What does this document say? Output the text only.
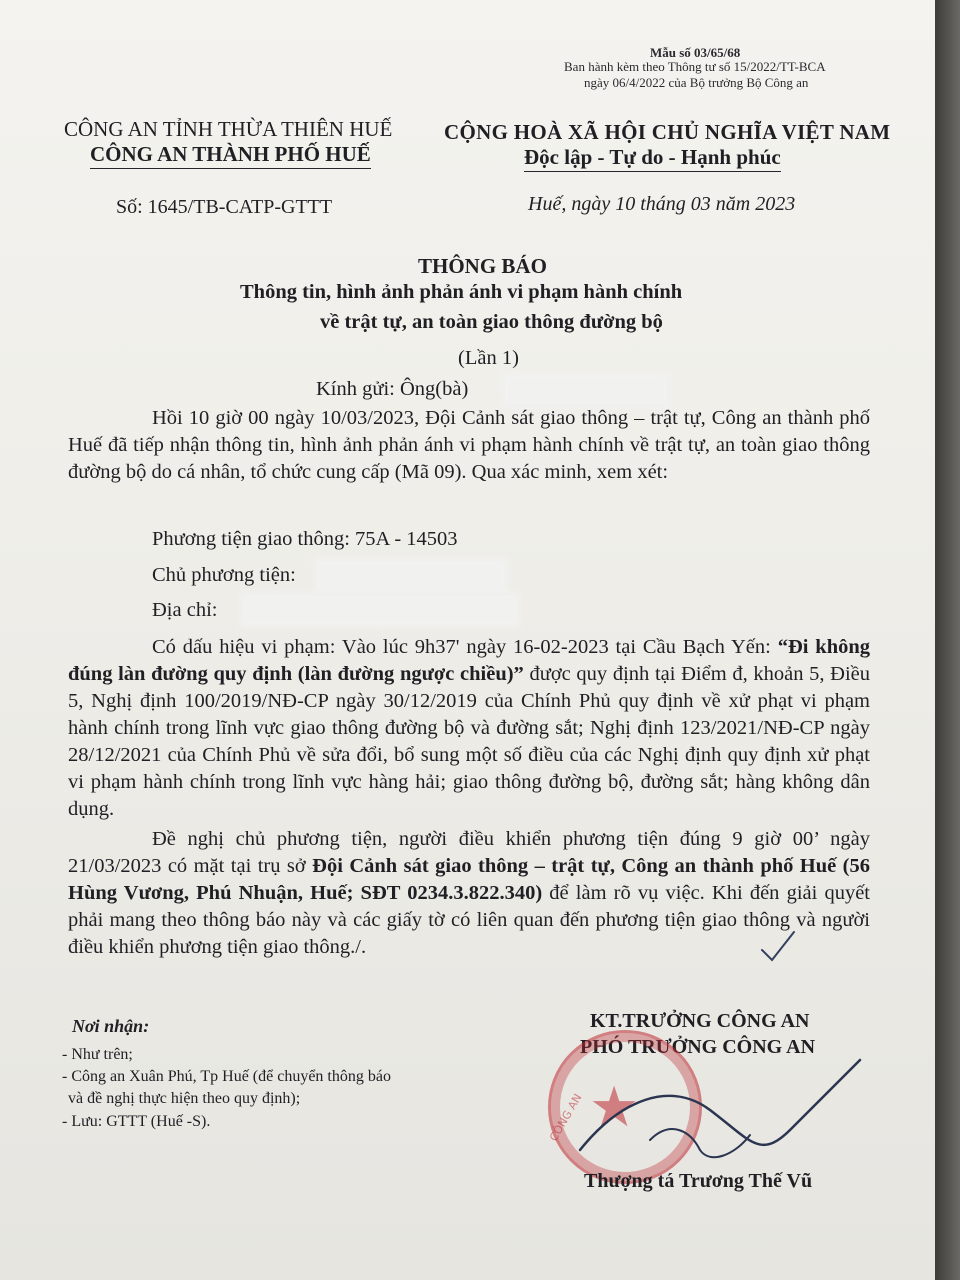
Mẫu số 03/65/68
Ban hành kèm theo Thông tư số 15/2022/TT-BCA
ngày 06/4/2022 của Bộ trưởng Bộ Công an
CÔNG AN TỈNH THỪA THIÊN HUẾ
CÔNG AN THÀNH PHỐ HUẾ
Số: 1645/TB-CATP-GTTT
CỘNG HOÀ XÃ HỘI CHỦ NGHĨA VIỆT NAM
Độc lập - Tự do - Hạnh phúc
Huế, ngày 10 tháng 03 năm 2023
THÔNG BÁO
Thông tin, hình ảnh phản ánh vi phạm hành chính
về trật tự, an toàn giao thông đường bộ
(Lần 1)
Kính gửi: Ông(bà)
Hồi 10 giờ 00 ngày 10/03/2023, Đội Cảnh sát giao thông – trật tự, Công an thành phố Huế đã tiếp nhận thông tin, hình ảnh phản ánh vi phạm hành chính về trật tự, an toàn giao thông đường bộ do cá nhân, tổ chức cung cấp (Mã 09). Qua xác minh, xem xét:
Phương tiện giao thông: 75A - 14503
Chủ phương tiện:
Địa chỉ:
Có dấu hiệu vi phạm: Vào lúc 9h37' ngày 16-02-2023 tại Cầu Bạch Yến: “Đi không đúng làn đường quy định (làn đường ngược chiều)” được quy định tại Điểm đ, khoản 5, Điều 5, Nghị định 100/2019/NĐ-CP ngày 30/12/2019 của Chính Phủ quy định về xử phạt vi phạm hành chính trong lĩnh vực giao thông đường bộ và đường sắt; Nghị định 123/2021/NĐ-CP ngày 28/12/2021 của Chính Phủ về sửa đổi, bổ sung một số điều của các Nghị định quy định xử phạt vi phạm hành chính trong lĩnh vực hàng hải; giao thông đường bộ, đường sắt; hàng không dân dụng.
Đề nghị chủ phương tiện, người điều khiển phương tiện đúng 9 giờ 00’ ngày 21/03/2023 có mặt tại trụ sở Đội Cảnh sát giao thông – trật tự, Công an thành phố Huế (56 Hùng Vương, Phú Nhuận, Huế; SĐT 0234.3.822.340) để làm rõ vụ việc. Khi đến giải quyết phải mang theo thông báo này và các giấy tờ có liên quan đến phương tiện giao thông và người điều khiển phương tiện giao thông./.
Nơi nhận:
- Như trên;
- Công an Xuân Phú, Tp Huế (để chuyển thông báo
và đề nghị thực hiện theo quy định);
- Lưu: GTTT (Huế -S).
KT.TRƯỞNG CÔNG AN
PHÓ TRƯỞNG CÔNG AN
CÔNG AN ★
Thượng tá Trương Thế Vũ
